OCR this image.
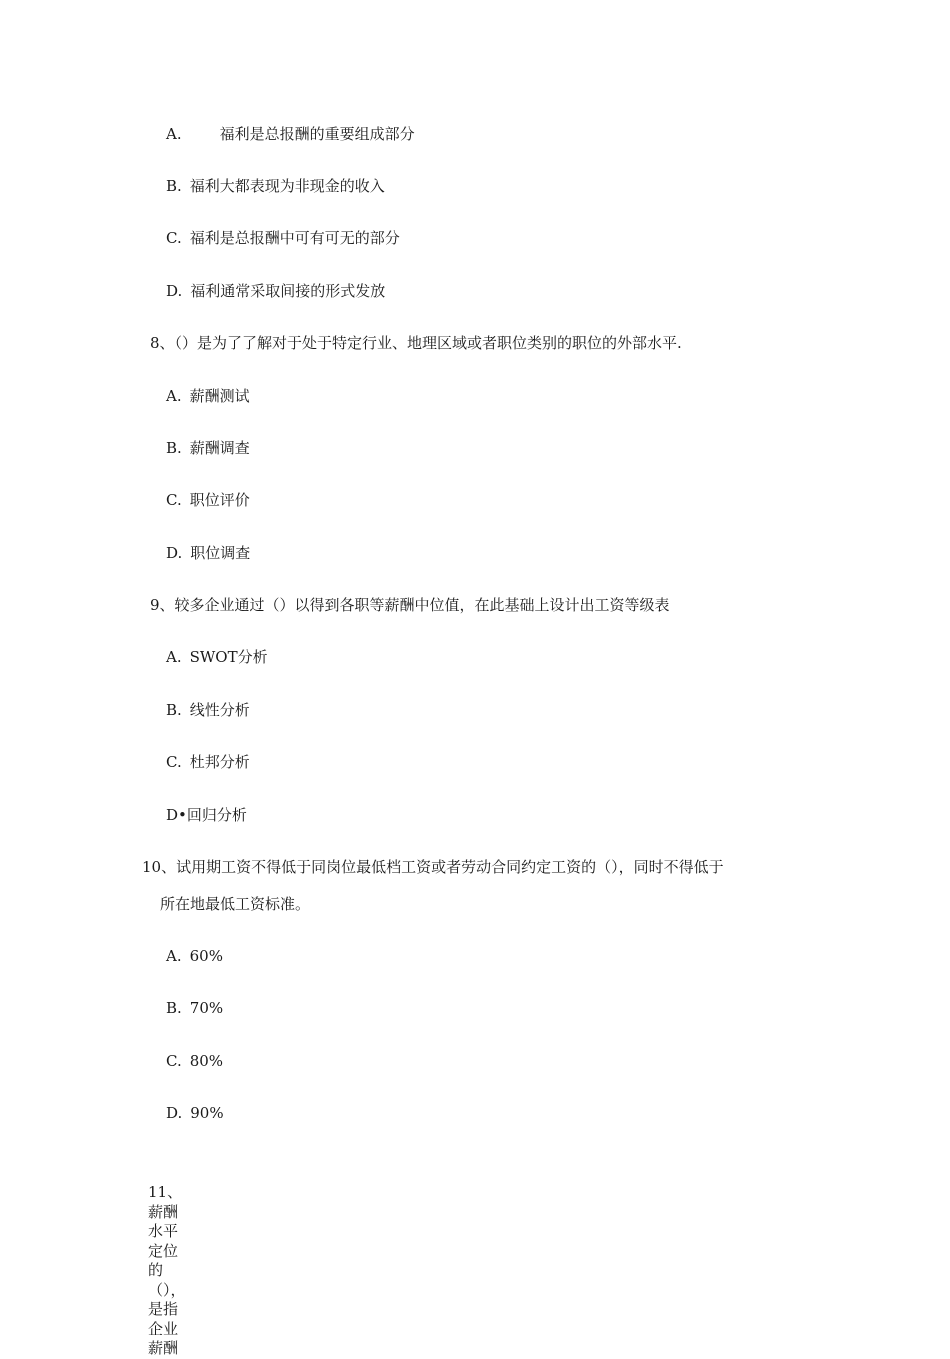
A.	福利是总报酬的重要组成部分
B. 福利大都表现为非现金的收入
C. 福利是总报酬中可有可无的部分
D. 福利通常采取间接的形式发放
8、（）是为了了解对于处于特定行业、地理区域或者职位类别的职位的外部水平.
A. 薪酬测试
B. 薪酬调查
C. 职位评价
D. 职位调查
9、较多企业通过（）以得到各职等薪酬中位值，在此基础上设计出工资等级表
A. SWOT分析
B. 线性分析
C. 杜邦分析
D•回归分析
10、试用期工资不得低于同岗位最低档工资或者劳动合同约定工资的（），同时不得低于
所在地最低工资标准。
A. 60%
B. 70%
C. 80%
D. 90%
11、
薪酬
水平
定位
的
（），
是指
企业
薪酬
